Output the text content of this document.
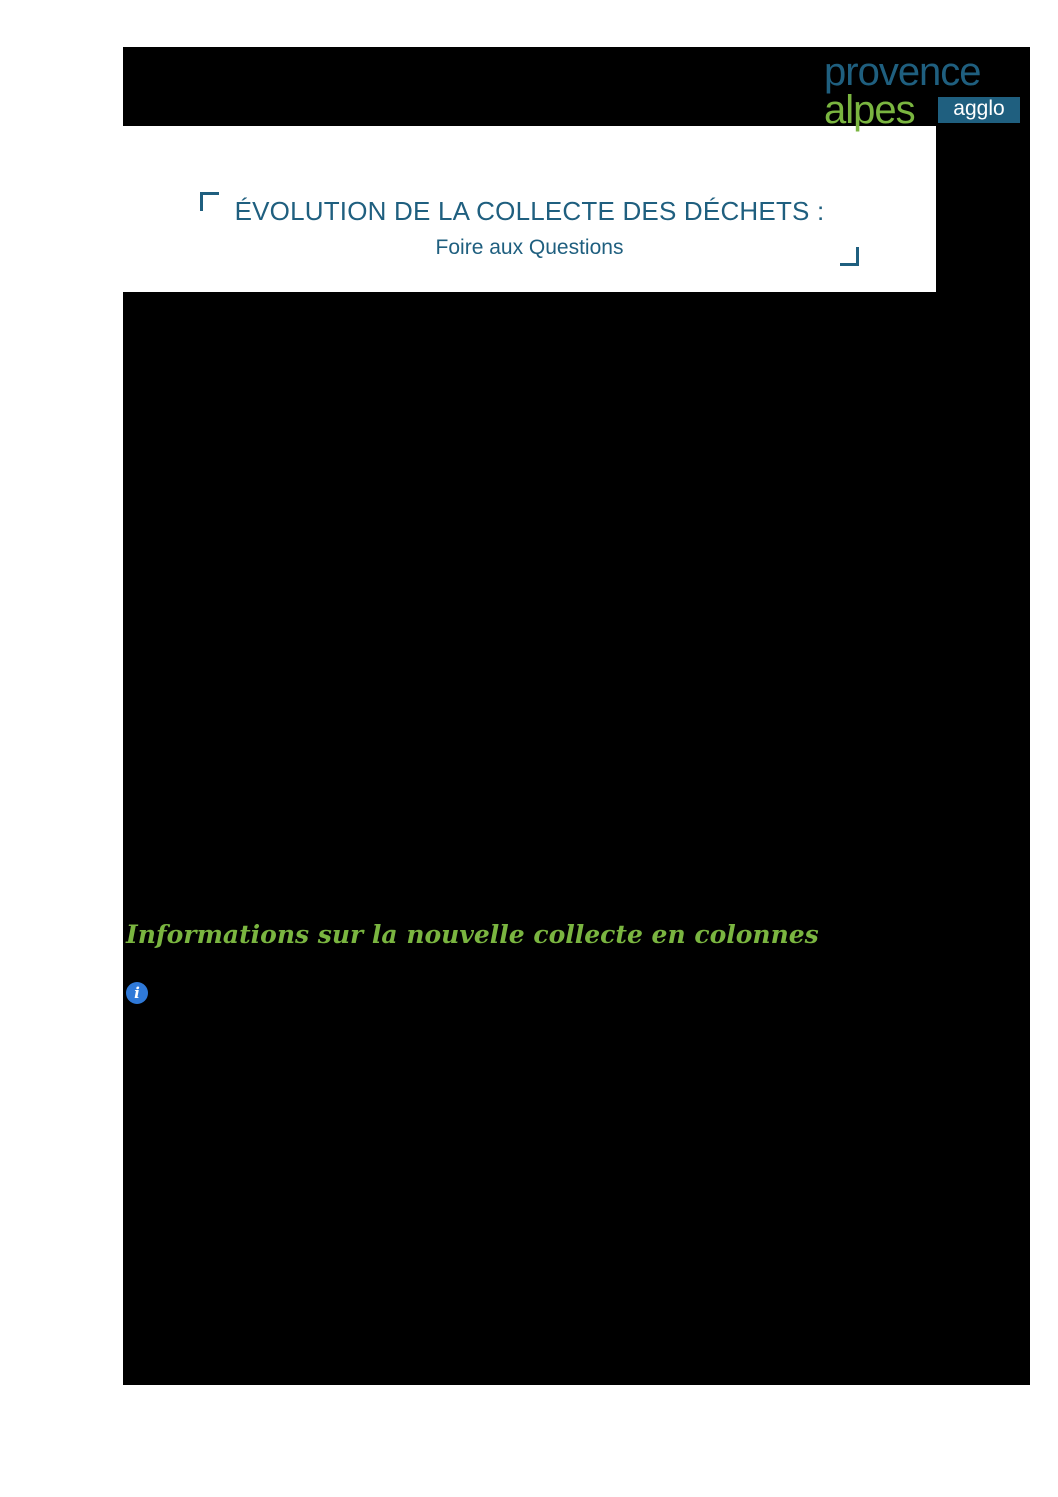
provence
alpes	agglo
ÉVOLUTION DE LA COLLECTE DES DÉCHETS :
Foire aux Questions
Les enjeux qui ont amené PAA à faire évoluer son système de collecte des déchets en colonnes en points de collecte
La gestion des déchets est devenue un enjeu économique et écologique majeur pour les collectivités. Pour faire face à la forte augmentation du coût de traitement des ordures ménagères et répondre aux obligations réglementaires et environnementales qui nous imposent une réduction de moitié de nos déchets en centre d’enfouissement, après 2 ans d’étude, l’Agglomération a dû repenser sa stratégie globale de gestion des déchets.
PAA a donc fait le choix de faire évoluer son système de collecte en regroupant tous les flux en seul point de collecte avec pour objectif de diminuer efficacement nos ordures ménagères tout en améliorant le tri. Les collectivités voisines ayant déjà mis en place ce système ont vu leur tonnages d’ordures ménagères rapidement réduire de 15 à 20%. Sans ce projet d’évolution de la collecte de nos déchets, nous ne pourrions contenir les fortes augmentations de fiscalité pour l’agglomération et donc pour les habitants. Autrement dit le coût de l’inaction en maintenant une collecte en bacs roulants en point de regroupement, serait considérable et imposerait à l’Agglomération d’augmenter tous les 2 ans en moyenne de 20% la facture de la Taxe d’Ordures ménagères (TEOM) pour ses habitants.
Provence Alpes Agglomération a conscience que cette nouvelle collecte est susceptible de demander à chacun de faire évoluer ses habitudes, tout comme elle demande de l’adaptation dans la nouvelle organisation pour ses services. Nous comptons ainsi sur le sens civique et des responsabilités de chacun dans cet effort de réduction des déchets que l’Agglomération ne peut assumer seule.
Informations sur la nouvelle collecte en colonnes
i	Pourquoi avoir choisi ce mode de collecte en colonnes et pas en porte-à-porte ?
L’enjeu de cette réorganisation de la collecte des déchets est triple :
• Respecter la loi qui impose que nous réduisions de moitié nos déchets entre 2010 et 2025.
• Diminuer rapidement nos déchets enfouis pour ne pas avoir à augmenter la taxe d’enlèvement des ordures ménagères. En effet, le législateur a décidé d’augmenter de 160% la taxe générale sur les activités polluantes en 5 ans et diminuer les autorisations d’enfouissement. Pour ne pas augmenter nos impôts nous devons tous ensemble diminuer les ordures ménagères en triant nos déchets recyclables et, si possible, en compostant nos déchets de cuisine.
• Limiter l’impact écologique de nos déchets qui sont un héritage potentiellement polluant que nous laissons à nos enfants et petit-enfants et qui sont à l’origine de 3% des GES produits en France.
Pour répondre à ces enjeux il fallait adopter une solution rapide à mettre en place, qui permettrait de diminuer les coûts de fonctionnement et qui encouragerait le geste de tri. La mise en place de points de collecte est la méthode qui répond le mieux à ces deux impératifs. C’est d’ailleurs pour cela que beaucoup de territoires du
